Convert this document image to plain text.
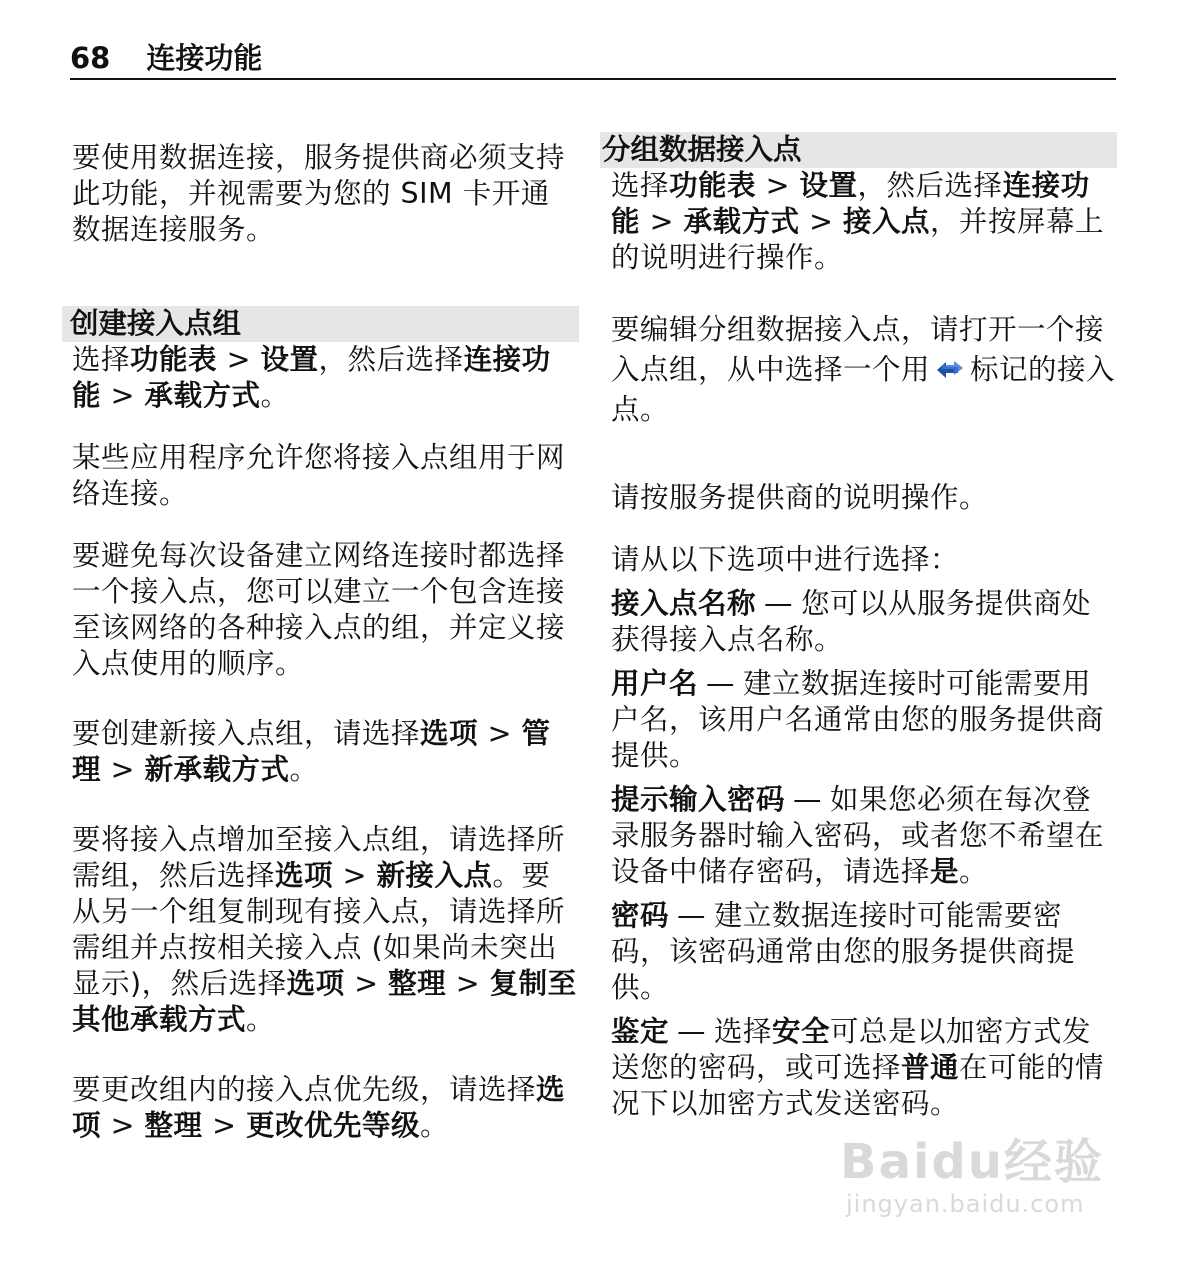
68 连接功能

要使用数据连接，服务提供商必须支持此功能，并视需要为您的 SIM 卡开通数据连接服务。

创建接入点组

选择功能表 > 设置，然后选择连接功能 > 承载方式。

某些应用程序允许您将接入点组用于网络连接。

要避免每次设备建立网络连接时都选择一个接入点，您可以建立一个包含连接至该网络的各种接入点的组，并定义接入点使用的顺序。

要创建新接入点组，请选择选项 > 管理 > 新承载方式。

要将接入点增加至接入点组，请选择所需组，然后选择选项 > 新接入点。要从另一个组复制现有接入点，请选择所需组并点按相关接入点 (如果尚未突出显示)，然后选择选项 > 整理 > 复制至其他承载方式。

要更改组内的接入点优先级，请选择选项 > 整理 > 更改优先等级。

分组数据接入点

选择功能表 > 设置，然后选择连接功能 > 承载方式 > 接入点，并按屏幕上的说明进行操作。

要编辑分组数据接入点，请打开一个接入点组，从中选择一个用 标记的接入点。

请按服务提供商的说明操作。

请从以下选项中进行选择：

接入点名称 — 您可以从服务提供商处获得接入点名称。

用户名 — 建立数据连接时可能需要用户名，该用户名通常由您的服务提供商提供。

提示输入密码 — 如果您必须在每次登录服务器时输入密码，或者您不希望在设备中储存密码，请选择是。

密码 — 建立数据连接时可能需要密码，该密码通常由您的服务提供商提供。

鉴定 — 选择安全可总是以加密方式发送您的密码，或可选择普通在可能的情况下以加密方式发送密码。

Baidu经验
jingyan.baidu.com
